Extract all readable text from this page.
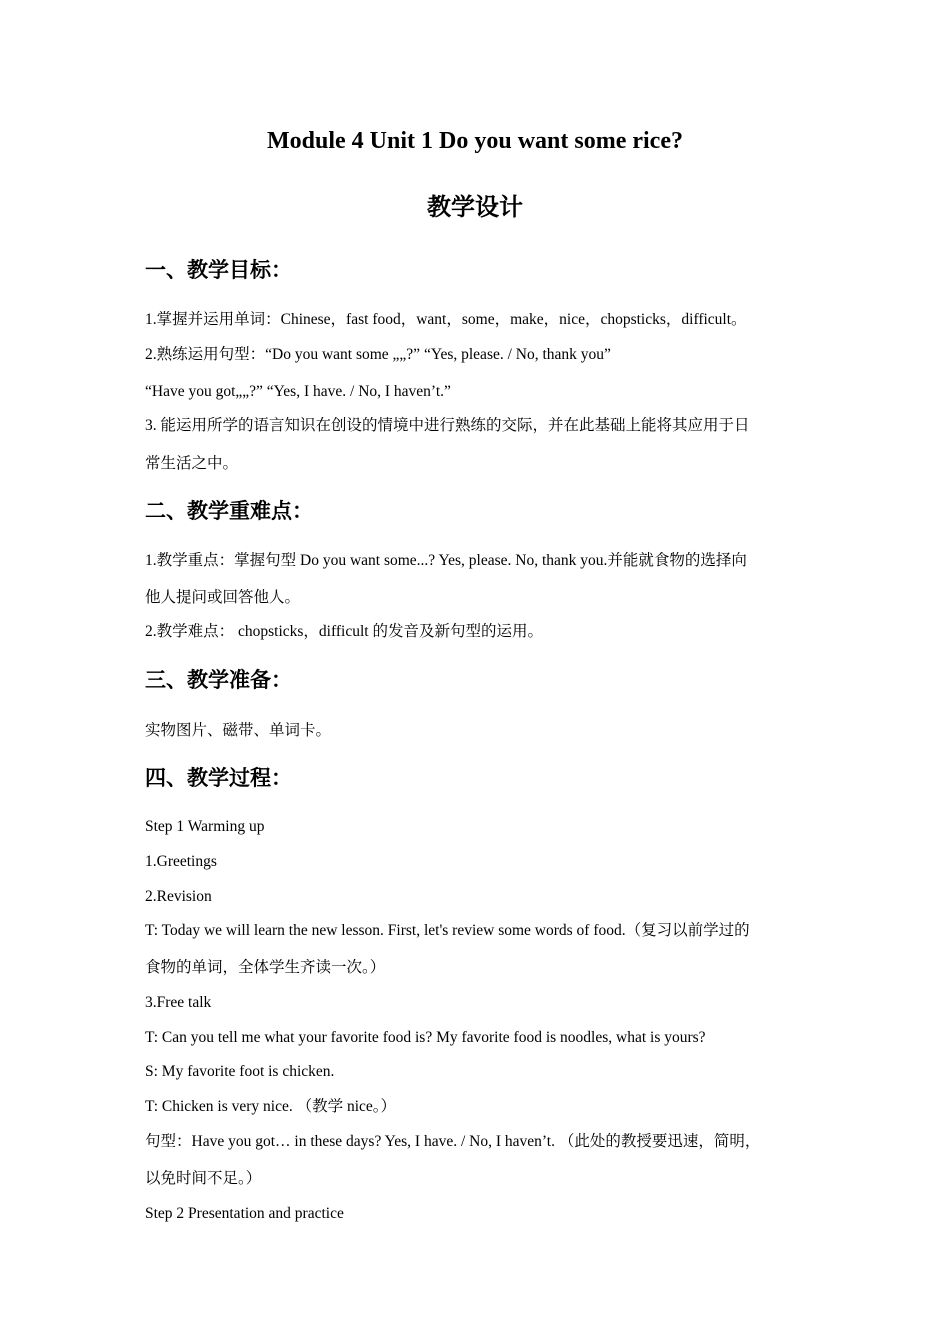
Module 4 Unit 1 Do you want some rice?
教学设计
一、教学目标：
1.掌握并运用单词：Chinese，fast food，want，some，make，nice，chopsticks，difficult。
2.熟练运用句型：“Do you want some „„?” “Yes, please. / No, thank you”
“Have you got„„?” “Yes, I have. / No, I haven’t.”
3. 能运用所学的语言知识在创设的情境中进行熟练的交际，并在此基础上能将其应用于日
常生活之中。
二、教学重难点：
1.教学重点：掌握句型 Do you want some...? Yes, please. No, thank you.并能就食物的选择向
他人提问或回答他人。
2.教学难点： chopsticks，difficult 的发音及新句型的运用。
三、教学准备：
实物图片、磁带、单词卡。
四、教学过程：
Step 1 Warming up
1.Greetings
2.Revision
T: Today we will learn the new lesson. First, let's review some words of food.（复习以前学过的
食物的单词，全体学生齐读一次。）
3.Free talk
T: Can you tell me what your favorite food is? My favorite food is noodles, what is yours?
S: My favorite foot is chicken.
T: Chicken is very nice. （教学 nice。）
句型：Have you got… in these days? Yes, I have. / No, I haven’t. （此处的教授要迅速，简明，
以免时间不足。）
Step 2 Presentation and practice
